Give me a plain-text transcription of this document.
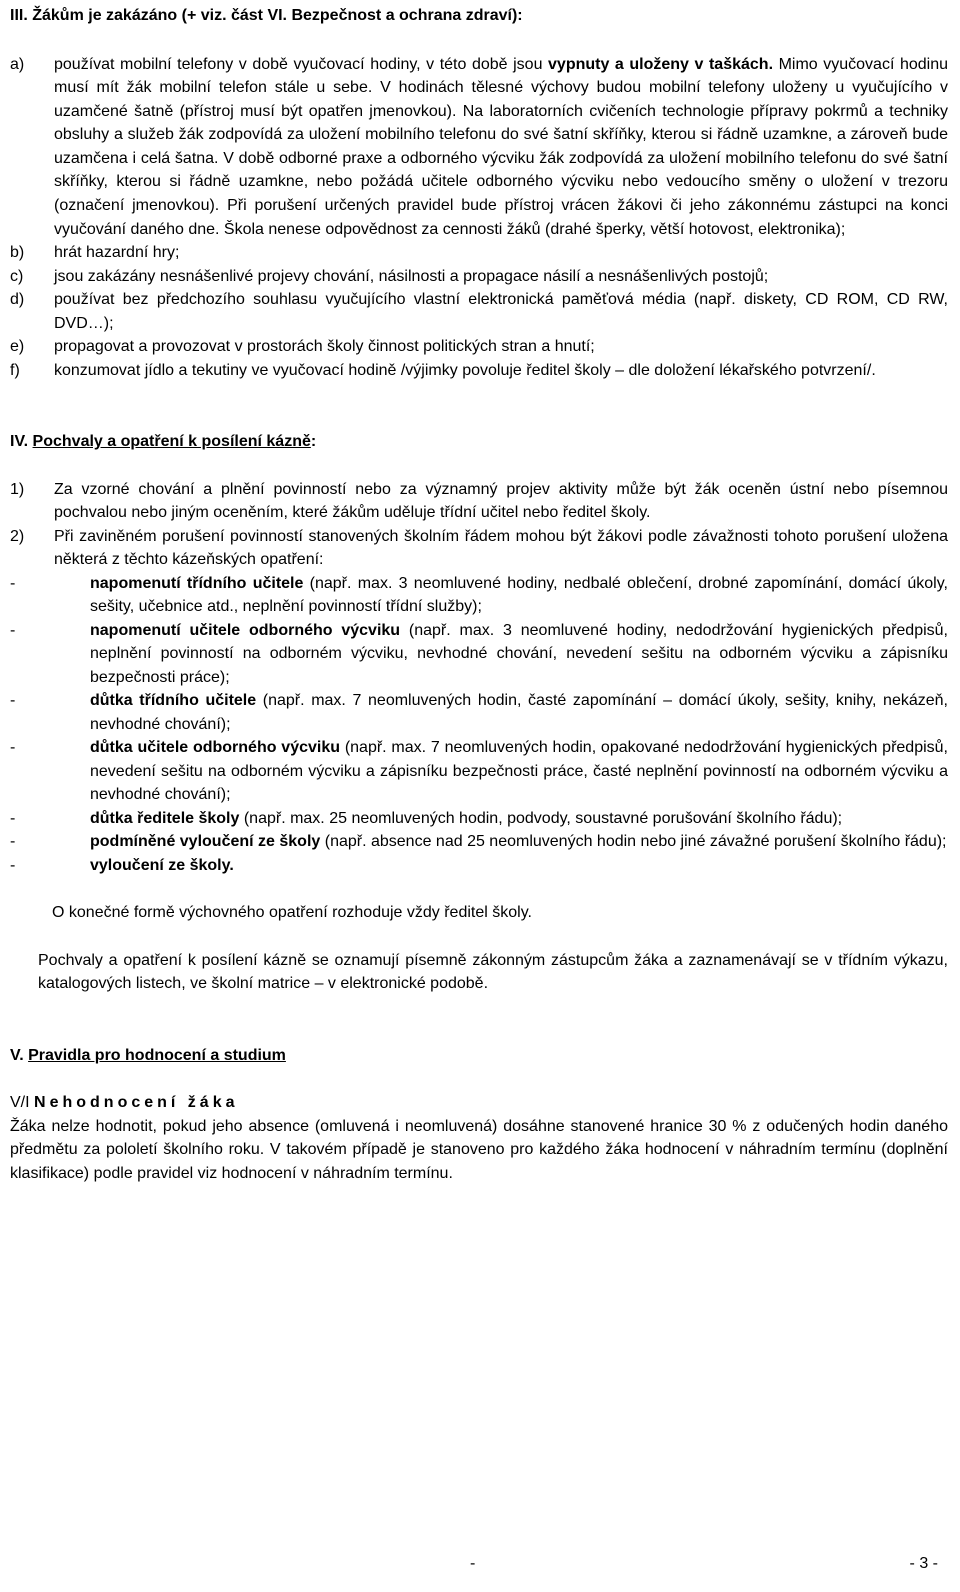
III. Žákům je zakázáno (+ viz. část VI. Bezpečnost a ochrana zdraví):
a)	používat mobilní telefony v době vyučovací hodiny, v této době jsou vypnuty a uloženy v taškách. Mimo vyučovací hodinu musí mít žák mobilní telefon stále u sebe. V hodinách tělesné výchovy budou mobilní telefony uloženy u vyučujícího v uzamčené šatně (přístroj musí být opatřen jmenovkou). Na laboratorních cvičeních technologie přípravy pokrmů a techniky obsluhy a služeb žák zodpovídá za uložení mobilního telefonu do své šatní skříňky, kterou si řádně uzamkne, a zároveň bude uzamčena i celá šatna. V době odborné praxe a odborného výcviku žák zodpovídá za uložení mobilního telefonu do své šatní skříňky, kterou si řádně uzamkne, nebo požádá učitele odborného výcviku nebo vedoucího směny o uložení v trezoru (označení jmenovkou). Při porušení určených pravidel bude přístroj vrácen žákovi či jeho zákonnému zástupci na konci vyučování daného dne. Škola nenese odpovědnost za cennosti žáků (drahé šperky, větší hotovost, elektronika);
b)	hrát hazardní hry;
c)	jsou zakázány nesnášenlivé projevy chování, násilnosti a propagace násilí a nesnášenlivých postojů;
d)	používat bez předchozího souhlasu vyučujícího vlastní elektronická paměťová média (např. diskety, CD ROM, CD RW, DVD…);
e)	propagovat a provozovat v prostorách školy činnost politických stran a hnutí;
f)	konzumovat jídlo a tekutiny ve vyučovací hodině /výjimky povoluje ředitel školy – dle doložení lékařského potvrzení/.
IV. Pochvaly a opatření k posílení kázně:
1)	Za vzorné chování a plnění povinností nebo za významný projev aktivity může být žák oceněn ústní nebo písemnou pochvalou nebo jiným oceněním, které žákům uděluje třídní učitel nebo ředitel školy.
2)	Při zaviněném porušení povinností stanovených školním řádem mohou být žákovi podle závažnosti tohoto porušení uložena některá z těchto kázeňských opatření:
-	napomenutí třídního učitele (např. max. 3 neomluvené hodiny, nedbalé oblečení, drobné zapomínání, domácí úkoly, sešity, učebnice atd., neplnění povinností třídní služby);
-	napomenutí učitele odborného výcviku (např. max. 3 neomluvené hodiny, nedodržování hygienických předpisů, neplnění povinností na odborném výcviku, nevhodné chování, nevedení sešitu na odborném výcviku a zápisníku bezpečnosti práce);
-	důtka třídního učitele (např. max. 7 neomluvených hodin, časté zapomínání – domácí úkoly, sešity, knihy, nekázeň, nevhodné chování);
-	důtka učitele odborného výcviku (např. max. 7 neomluvených hodin, opakované nedodržování hygienických předpisů, nevedení sešitu na odborném výcviku a zápisníku bezpečnosti práce, časté neplnění povinností na odborném výcviku a nevhodné chování);
-	důtka ředitele školy (např. max. 25 neomluvených hodin, podvody, soustavné porušování školního řádu);
-	podmíněné vyloučení ze školy (např. absence nad 25 neomluvených hodin nebo jiné závažné porušení školního řádu);
-	vyloučení ze školy.
O konečné formě výchovného opatření rozhoduje vždy ředitel školy.
Pochvaly a opatření k posílení kázně se oznamují písemně zákonným zástupcům žáka a zaznamenávají se v třídním výkazu, katalogových listech, ve školní matrice – v elektronické podobě.
V. Pravidla pro hodnocení a studium
V/I Nehodnocení žáka
Žáka nelze hodnotit, pokud jeho absence (omluvená i neomluvená) dosáhne stanovené hranice 30 % z odučených hodin daného předmětu za pololetí školního roku. V takovém případě je stanoveno pro každého žáka hodnocení v náhradním termínu (doplnění klasifikace) podle pravidel viz hodnocení v náhradním termínu.
-	- 3 -
